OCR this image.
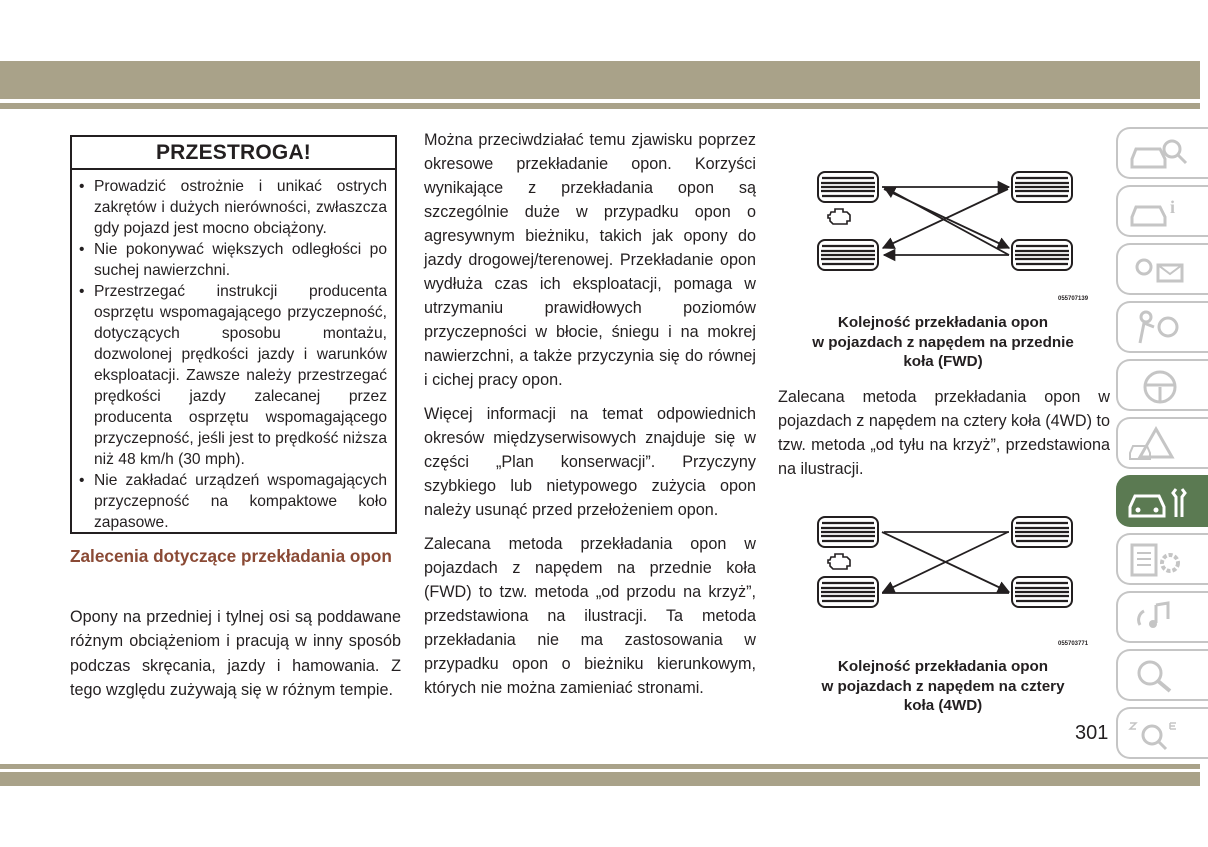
PRZESTROGA!
• Prowadzić ostrożnie i unikać ostrych zakrętów i dużych nierówności, zwłaszcza gdy pojazd jest mocno obciążony.
• Nie pokonywać większych odległości po suchej nawierzchni.
• Przestrzegać instrukcji producenta osprzętu wspomagającego przyczepność, dotyczących sposobu montażu, dozwolonej prędkości jazdy i warunków eksploatacji. Zawsze należy przestrzegać prędkości jazdy zalecanej przez producenta osprzętu wspomagającego przyczepność, jeśli jest to prędkość niższa niż 48 km/h (30 mph).
• Nie zakładać urządzeń wspomagających przyczepność na kompaktowe koło zapasowe.
Zalecenia dotyczące przekładania opon
Opony na przedniej i tylnej osi są poddawane różnym obciążeniom i pracują w inny sposób podczas skręcania, jazdy i hamowania. Z tego względu zużywają się w różnym tempie.

Można przeciwdziałać temu zjawisku poprzez okresowe przekładanie opon. Korzyści wynikające z przekładania opon są szczególnie duże w przypadku opon o agresywnym bieżniku, takich jak opony do jazdy drogowej/terenowej. Przekładanie opon wydłuża czas ich eksploatacji, pomaga w utrzymaniu prawidłowych poziomów przyczepności w błocie, śniegu i na mokrej nawierzchni, a także przyczynia się do równej i cichej pracy opon.

Więcej informacji na temat odpowiednich okresów międzyserwisowych znajduje się w części „Plan konserwacji”. Przyczyny szybkiego lub nietypowego zużycia opon należy usunąć przed przełożeniem opon.

Zalecana metoda przekładania opon w pojazdach z napędem na przednie koła (FWD) to tzw. metoda „od przodu na krzyż”, przedstawiona na ilustracji. Ta metoda przekładania nie ma zastosowania w przypadku opon o bieżniku kierunkowym, których nie można zamieniać stronami.

055707139
Kolejność przekładania opon
w pojazdach z napędem na przednie
koła (FWD)
Zalecana metoda przekładania opon w pojazdach z napędem na cztery koła (4WD) to tzw. metoda „od tyłu na krzyż”, przedstawiona na ilustracji.
055703771
Kolejność przekładania opon
w pojazdach z napędem na cztery
koła (4WD)
i
301
